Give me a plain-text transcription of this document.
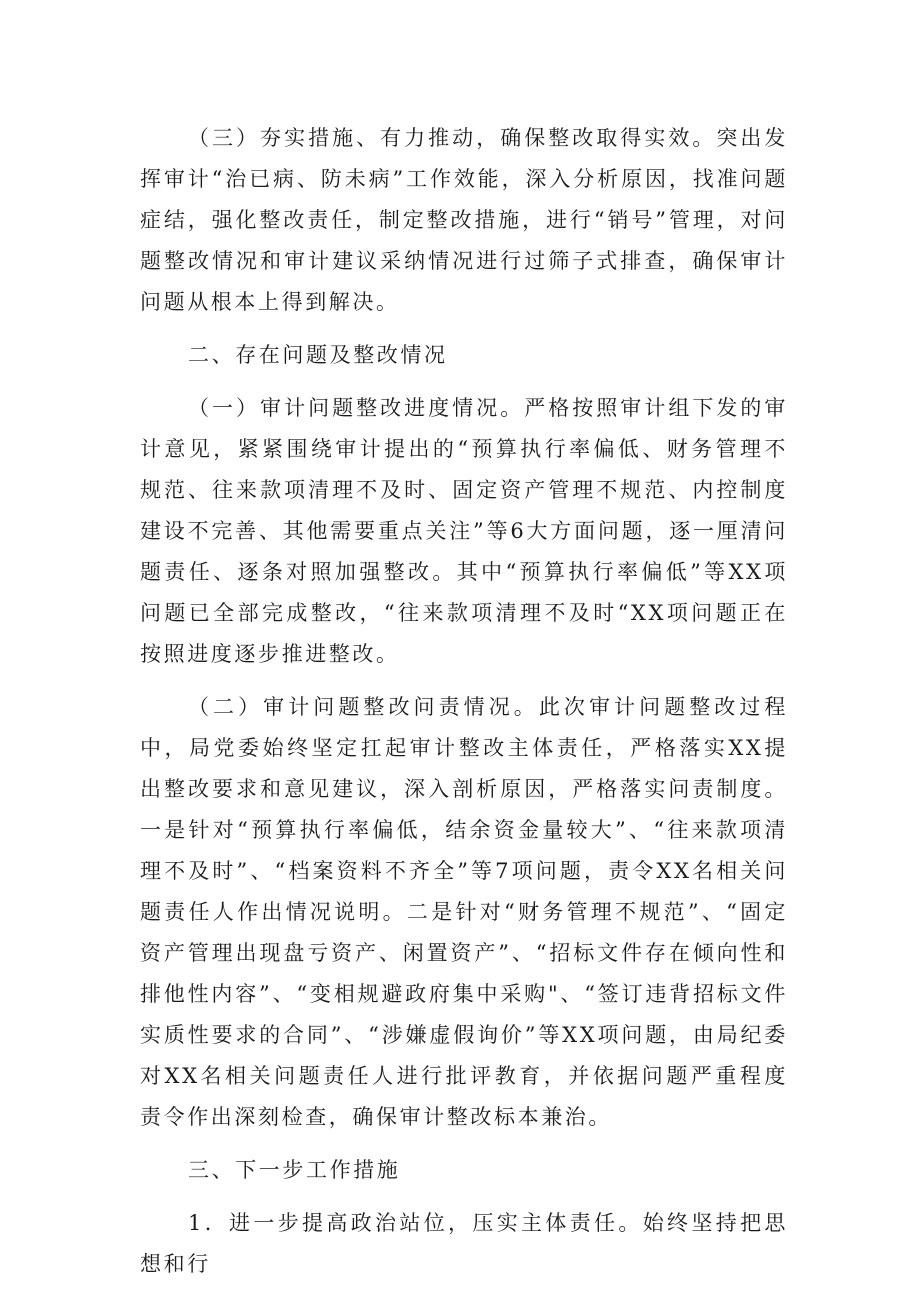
（三）夯实措施、有力推动，确保整改取得实效。突出发挥审计“治已病、防未病”工作效能，深入分析原因，找准问题症结，强化整改责任，制定整改措施，进行“销号”管理，对问题整改情况和审计建议采纳情况进行过筛子式排查，确保审计问题从根本上得到解决。

二、存在问题及整改情况

（一）审计问题整改进度情况。严格按照审计组下发的审计意见，紧紧围绕审计提出的“预算执行率偏低、财务管理不规范、往来款项清理不及时、固定资产管理不规范、内控制度建设不完善、其他需要重点关注”等6大方面问题，逐一厘清问题责任、逐条对照加强整改。其中“预算执行率偏低”等XX项问题已全部完成整改，“往来款项清理不及时“XX项问题正在按照进度逐步推进整改。

（二）审计问题整改问责情况。此次审计问题整改过程中，局党委始终坚定扛起审计整改主体责任，严格落实XX提出整改要求和意见建议，深入剖析原因，严格落实问责制度。一是针对“预算执行率偏低，结余资金量较大”、“往来款项清理不及时”、“档案资料不齐全”等7项问题，责令XX名相关问题责任人作出情况说明。二是针对“财务管理不规范”、“固定资产管理出现盘亏资产、闲置资产”、“招标文件存在倾向性和排他性内容”、“变相规避政府集中采购"、“签订违背招标文件实质性要求的合同”、“涉嫌虚假询价”等XX项问题，由局纪委对XX名相关问题责任人进行批评教育，并依据问题严重程度责令作出深刻检查，确保审计整改标本兼治。

三、下一步工作措施

1．进一步提高政治站位，压实主体责任。始终坚持把思想和行
